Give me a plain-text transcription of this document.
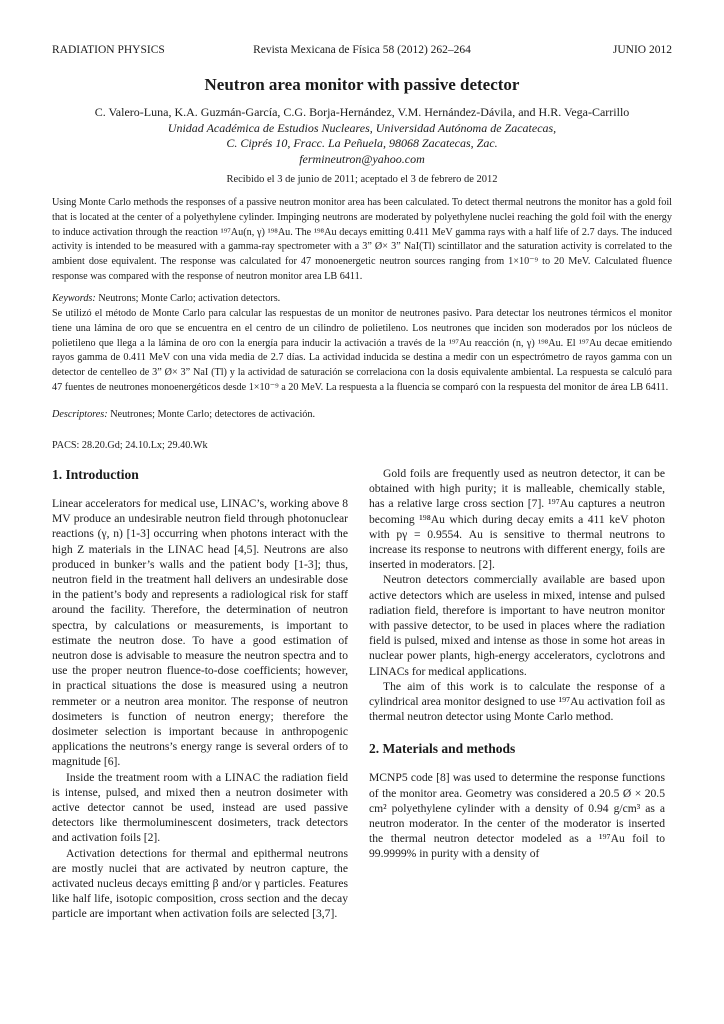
RADIATION PHYSICS	Revista Mexicana de Física 58 (2012) 262–264	JUNIO 2012
Neutron area monitor with passive detector
C. Valero-Luna, K.A. Guzmán-García, C.G. Borja-Hernández, V.M. Hernández-Dávila, and H.R. Vega-Carrillo
Unidad Académica de Estudios Nucleares, Universidad Autónoma de Zacatecas,
C. Ciprés 10, Fracc. La Peñuela, 98068 Zacatecas, Zac.
fermineutron@yahoo.com
Recibido el 3 de junio de 2011; aceptado el 3 de febrero de 2012

Using Monte Carlo methods the responses of a passive neutron monitor area has been calculated. To detect thermal neutrons the monitor has a gold foil that is located at the center of a polyethylene cylinder. Impinging neutrons are moderated by polyethylene nuclei reaching the gold foil with the energy to induce activation through the reaction ¹⁹⁷Au(n, γ) ¹⁹⁸Au. The ¹⁹⁸Au decays emitting 0.411 MeV gamma rays with a half life of 2.7 days. The induced activity is intended to be measured with a gamma-ray spectrometer with a 3” Ø× 3” NaI(Tl) scintillator and the saturation activity is correlated to the ambient dose equivalent. The response was calculated for 47 monoenergetic neutron sources ranging from 1×10⁻⁹ to 20 MeV. Calculated fluence response was compared with the response of neutron monitor area LB 6411.

Keywords: Neutrons; Monte Carlo; activation detectors.

Se utilizó el método de Monte Carlo para calcular las respuestas de un monitor de neutrones pasivo. Para detectar los neutrones térmicos el monitor tiene una lámina de oro que se encuentra en el centro de un cilindro de polietileno. Los neutrones que inciden son moderados por los núcleos de polietileno que llega a la lámina de oro con la energía para inducir la activación a través de la ¹⁹⁷Au reacción (n, γ) ¹⁹⁸Au. El ¹⁹⁷Au decae emitiendo rayos gamma de 0.411 MeV con una vida media de 2.7 días. La actividad inducida se destina a medir con un espectrómetro de rayos gamma con un detector de centelleo de 3” Ø× 3” NaI (Tl) y la actividad de saturación se correlaciona con la dosis equivalente ambiental. La respuesta se calculó para 47 fuentes de neutrones monoenergéticos desde 1×10⁻⁹ a 20 MeV. La respuesta a la fluencia se comparó con la respuesta del monitor de área LB 6411.

Descriptores: Neutrones; Monte Carlo; detectores de activación.

PACS: 28.20.Gd; 24.10.Lx; 29.40.Wk
1. Introduction

Linear accelerators for medical use, LINAC’s, working above 8 MV produce an undesirable neutron field through photonuclear reactions (γ, n) [1-3] occurring when photons interact with the high Z materials in the LINAC head [4,5]. Neutrons are also produced in bunker’s walls and the patient body [1-3]; thus, neutron field in the treatment hall delivers an undesirable dose in the patient’s body and represents a radiological risk for staff around the facility. Therefore, the determination of neutron spectra, by calculations or measurements, is important to estimate the neutron dose. To have a good estimation of neutron dose is advisable to measure the neutron spectra and to use the proper neutron fluence-to-dose coefficients; however, in practical situations the dose is measured using a neutron remmeter or a neutron area monitor. The response of neutron dosimeters is function of neutron energy; therefore the dosimeter selection is important because in anthropogenic applications the neutrons’s energy range is several orders of to magnitude [6].

Inside the treatment room with a LINAC the radiation field is intense, pulsed, and mixed then a neutron dosimeter with active detector cannot be used, instead are used passive detectors like thermoluminescent dosimeters, track detectors and activation foils [2].

Activation detections for thermal and epithermal neutrons are mostly nuclei that are activated by neutron capture, the activated nucleus decays emitting β and/or γ particles. Features like half life, isotopic composition, cross section and the decay particle are important when activation foils are selected [3,7].

Gold foils are frequently used as neutron detector, it can be obtained with high purity; it is malleable, chemically stable, has a relative large cross section [7]. ¹⁹⁷Au captures a neutron becoming ¹⁹⁸Au which during decay emits a 411 keV photon with pγ = 0.9554. Au is sensitive to thermal neutrons to increase its response to neutrons with different energy, foils are inserted in moderators. [2].

Neutron detectors commercially available are based upon active detectors which are useless in mixed, intense and pulsed radiation field, therefore is important to have neutron monitor with passive detector, to be used in places where the radiation field is pulsed, mixed and intense as those in some hot areas in nuclear power plants, high-energy accelerators, cyclotrons and LINACs for medical applications.

The aim of this work is to calculate the response of a cylindrical area monitor designed to use ¹⁹⁷Au activation foil as thermal neutron detector using Monte Carlo method.

2. Materials and methods

MCNP5 code [8] was used to determine the response functions of the monitor area. Geometry was considered a 20.5 Ø × 20.5 cm² polyethylene cylinder with a density of 0.94 g/cm³ as a neutron moderator. In the center of the moderator is inserted the thermal neutron detector modeled as a ¹⁹⁷Au foil to 99.9999% in purity with a density of
